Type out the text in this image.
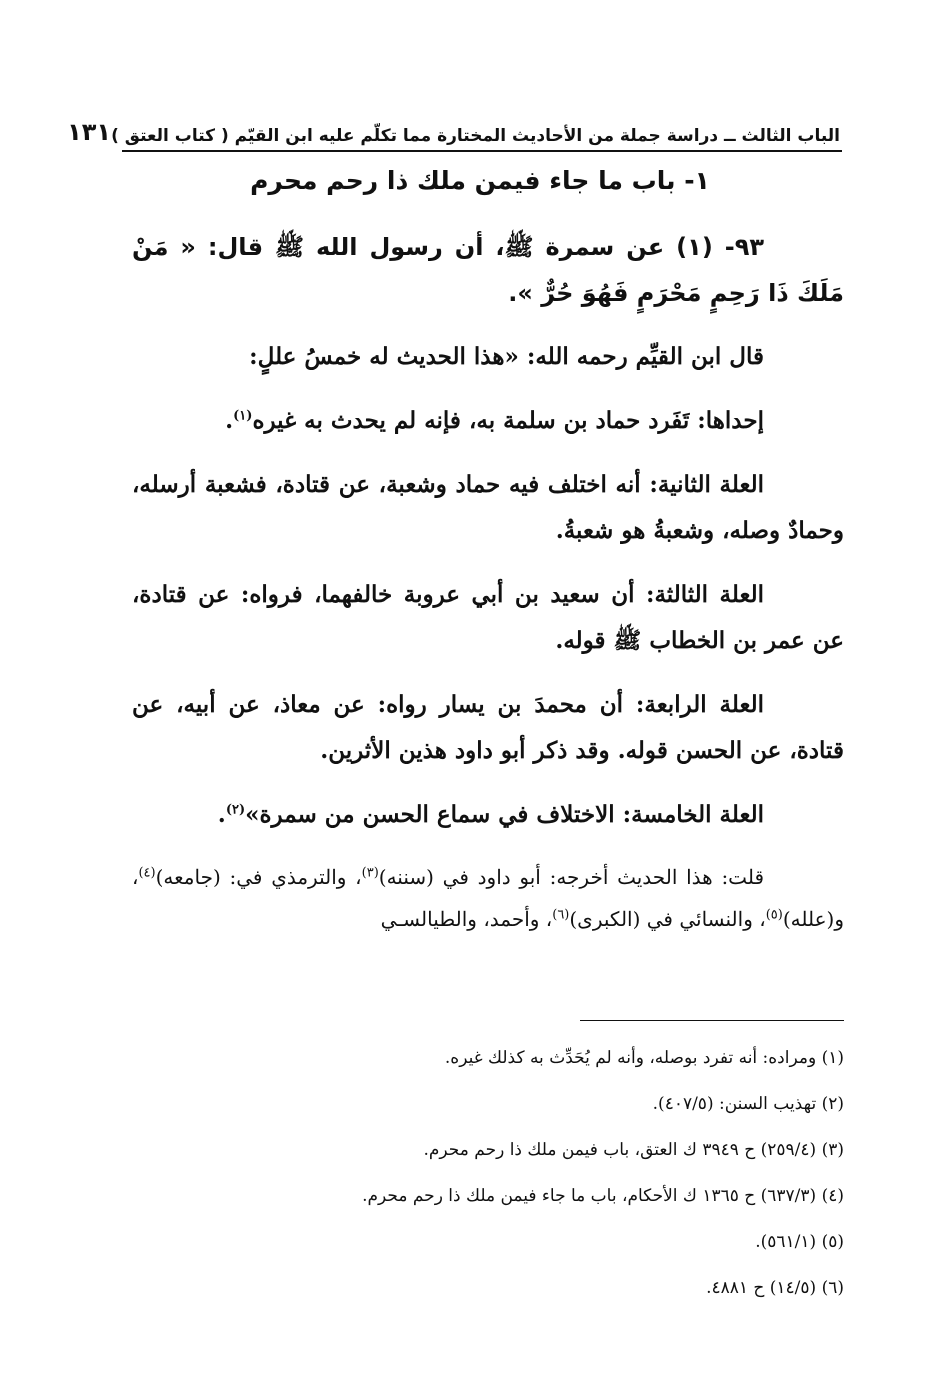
الباب الثالث ــ دراسة جملة من الأحاديث المختارة مما تكلّم عليه ابن القيّم ( كتاب العتق )
١٣١
١- باب ما جاء فيمن ملك ذا رحم محرم

٩٣- (١) عن سمرة ﷺ، أن رسول الله ﷺ قال: « مَنْ مَلَكَ ذَا رَحِمٍ مَحْرَمٍ فَهُوَ حُرٌّ ».

قال ابن القيِّم رحمه الله: «هذا الحديث له خمسُ عللٍ:

إحداها: تَفَرد حماد بن سلمة به، فإنه لم يحدث به غيره$^{(١)}$.

العلة الثانية: أنه اختلف فيه حماد وشعبة، عن قتادة، فشعبة أرسله، وحمادٌ وصله، وشعبةُ هو شعبةُ.

العلة الثالثة: أن سعيد بن أبي عروبة خالفهما، فرواه: عن قتادة، عن عمر بن الخطاب ﷺ قوله.

العلة الرابعة: أن محمدَ بن يسار رواه: عن معاذ، عن أبيه، عن قتادة، عن الحسن قوله. وقد ذكر أبو داود هذين الأثرين.

العلة الخامسة: الاختلاف في سماع الحسن من سمرة»$^{(٢)}$.

قلت: هذا الحديث أخرجه: أبو داود في (سننه)$^{(٣)}$، والترمذي في: (جامعه)$^{(٤)}$، و(علله)$^{(٥)}$، والنسائي في (الكبرى)$^{(٦)}$، وأحمد، والطيالسـي

(١) ومراده: أنه تفرد بوصله، وأنه لم يُحَدِّث به كذلك غيره.

(٢) تهذيب السنن: (٤٠٧/٥).

(٣) (٢٥٩/٤) ح ٣٩٤٩ ك العتق، باب فيمن ملك ذا رحم محرم.

(٤) (٦٣٧/٣) ح ١٣٦٥ ك الأحكام، باب ما جاء فيمن ملك ذا رحم محرم.

(٥) (٥٦١/١).

(٦) (١٤/٥) ح ٤٨٨١.
